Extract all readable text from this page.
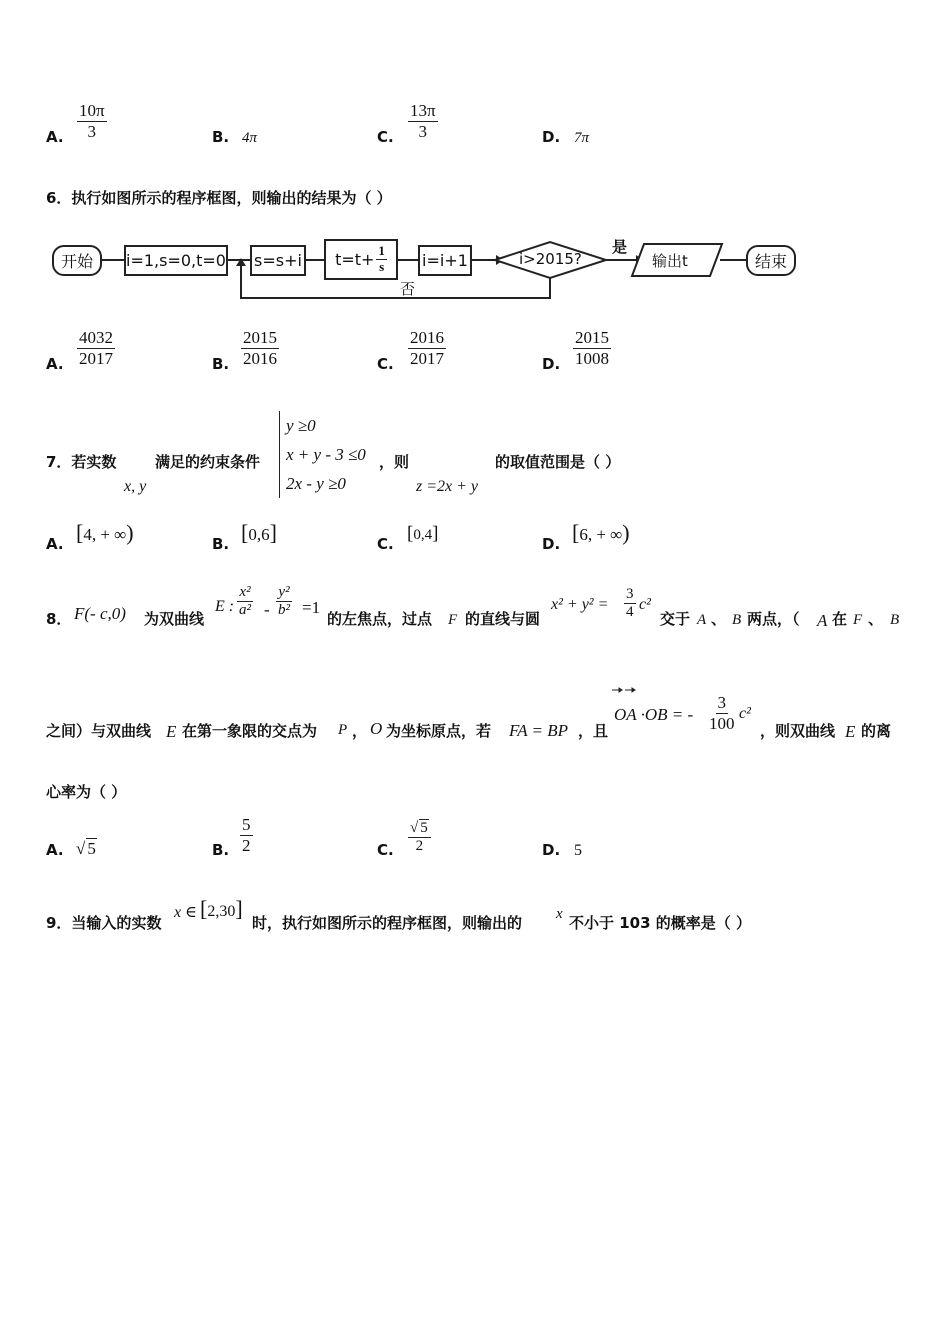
A. $\frac{10\pi}{3}$	B. 4π	C. $\frac{13\pi}{3}$	D. 7π
6．执行如图所示的程序框图，则输出的结果为（ ）
开始	i=1,s=0,t=0 s=s+i $t=t+ \frac{1}{s} i=i+1$	i>2015?
是
否
输出t	结束
A. $\frac{4032}{2017}$	B. $\frac{2015}{2016}$	C. $\frac{2016}{2017}$	D. $\frac{2015}{1008}$
7．若实数
x, y
满足的约束条件
y ≥0
x + y - 3 ≤0
2x - y ≥0
，则
z =2x + y
的取值范围是（ ）
A. [4, + ∞)	B. [0,6]	C. [0,4]	D. [6, + ∞)
8． F(- c,0) 为双曲线
E : $\frac{\text{x²}}{\text{a²}} - \frac{\text{y²}}{\text{b²}} =1$
的左焦点，过点 F 的直线与圆
$x^2 + y^2 = \frac{3}{4} c^2$
交于 A 、 B 两点，（ A 在 F 、 B
之间）与双曲线 E 在第一象限的交点为 P ， O 为坐标原点，若 FA = BP ，且
OA ·OB = - $\frac{3}{100} c^2$
，则双曲线 E 的离
心率为（ ）
A. √ 5	B. $\frac{5}{2}$	C. $\frac{√ 5}{2}$	D. 5
9．当输入的实数
x ∈ [2,30]
时，执行如图所示的程序框图，则输出的 x 不小于 103 的概率是（ ）
